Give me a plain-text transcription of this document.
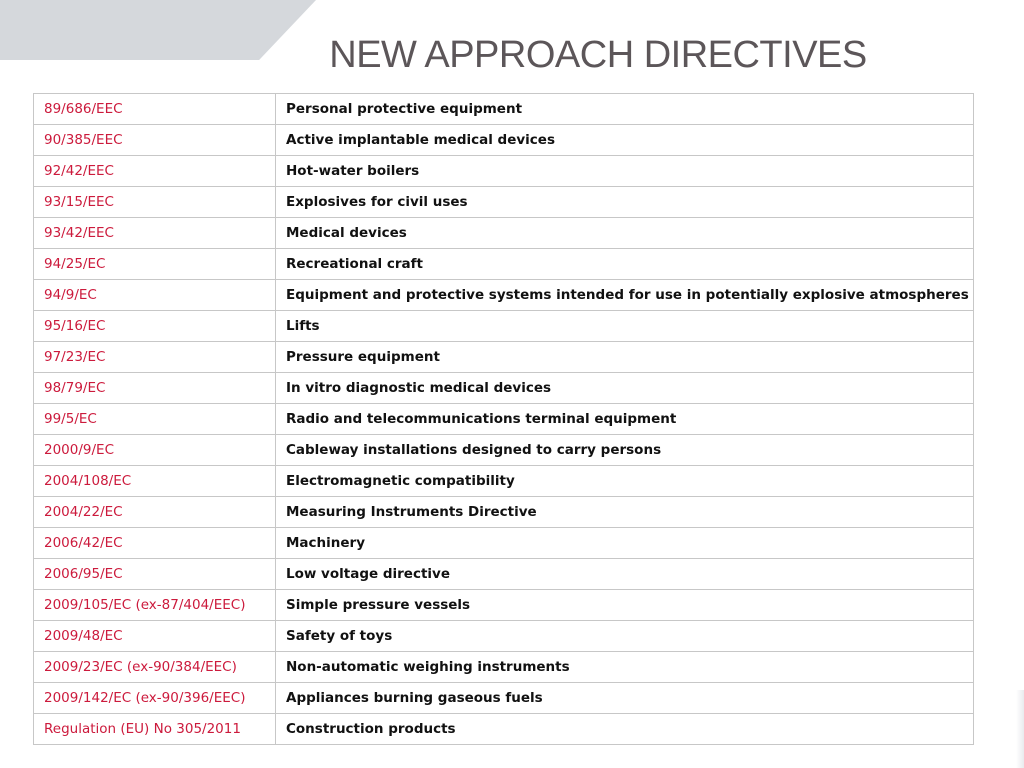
NEW APPROACH DIRECTIVES
89/686/EEC	Personal protective equipment
90/385/EEC	Active implantable medical devices
92/42/EEC	Hot-water boilers
93/15/EEC	Explosives for civil uses
93/42/EEC	Medical devices
94/25/EC	Recreational craft
94/9/EC	Equipment and protective systems intended for use in potentially explosive atmospheres
95/16/EC	Lifts
97/23/EC	Pressure equipment
98/79/EC	In vitro diagnostic medical devices
99/5/EC	Radio and telecommunications terminal equipment
2000/9/EC	Cableway installations designed to carry persons
2004/108/EC	Electromagnetic compatibility
2004/22/EC	Measuring Instruments Directive
2006/42/EC	Machinery
2006/95/EC	Low voltage directive
2009/105/EC (ex-87/404/EEC)	Simple pressure vessels
2009/48/EC	Safety of toys
2009/23/EC (ex-90/384/EEC)	Non-automatic weighing instruments
2009/142/EC (ex-90/396/EEC)	Appliances burning gaseous fuels
Regulation (EU) No 305/2011	Construction products
